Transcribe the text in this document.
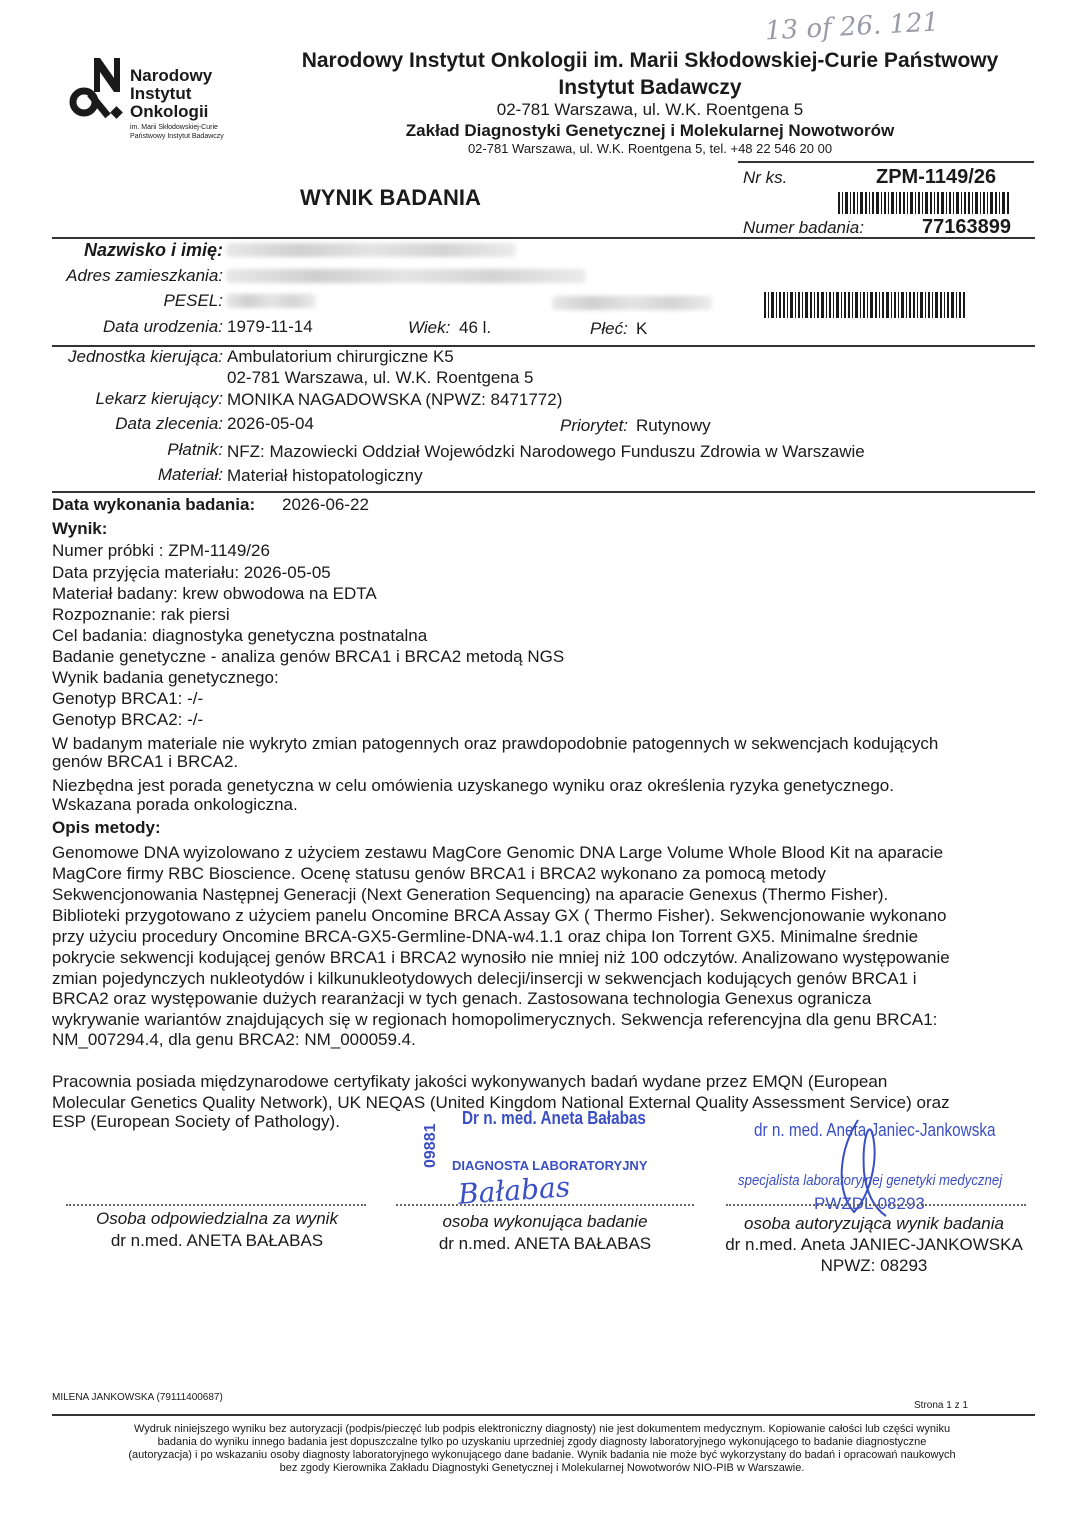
13 of 26. 121
Narodowy
Instytut
Onkologii
im. Marii Skłodowskiej-Curie
Państwowy Instytut Badawczy
Narodowy Instytut Onkologii im. Marii Skłodowskiej-Curie Państwowy
Instytut Badawczy
02-781 Warszawa, ul. W.K. Roentgena 5
Zakład Diagnostyki Genetycznej i Molekularnej Nowotworów
02-781 Warszawa, ul. W.K. Roentgena 5, tel. +48 22 546 20 00
WYNIK BADANIA
Nr ks.	ZPM-1149/26
Numer badania:	77163899
Nazwisko i imię:
Adres zamieszkania:
PESEL:
Data urodzenia: 1979-11-14	Wiek: 46 l.	Płeć: K
Jednostka kierująca: Ambulatorium chirurgiczne K5
02-781 Warszawa, ul. W.K. Roentgena 5
Lekarz kierujący: MONIKA NAGADOWSKA (NPWZ: 8471772)
Data zlecenia: 2026-05-04	Priorytet: Rutynowy
Płatnik: NFZ: Mazowiecki Oddział Wojewódzki Narodowego Funduszu Zdrowia w Warszawie
Materiał: Materiał histopatologiczny
Data wykonania badania: 2026-06-22
Wynik:
Numer próbki : ZPM-1149/26
Data przyjęcia materiału: 2026-05-05
Materiał badany: krew obwodowa na EDTA
Rozpoznanie: rak piersi
Cel badania: diagnostyka genetyczna postnatalna
Badanie genetyczne - analiza genów BRCA1 i BRCA2 metodą NGS
Wynik badania genetycznego:
Genotyp BRCA1: -/-
Genotyp BRCA2: -/-
W badanym materiale nie wykryto zmian patogennych oraz prawdopodobnie patogennych w sekwencjach kodujących
genów BRCA1 i BRCA2.
Niezbędna jest porada genetyczna w celu omówienia uzyskanego wyniku oraz określenia ryzyka genetycznego.
Wskazana porada onkologiczna.
Opis metody:
Genomowe DNA wyizolowano z użyciem zestawu MagCore Genomic DNA Large Volume Whole Blood Kit na aparacie
MagCore firmy RBC Bioscience. Ocenę statusu genów BRCA1 i BRCA2 wykonano za pomocą metody
Sekwencjonowania Następnej Generacji (Next Generation Sequencing) na aparacie Genexus (Thermo Fisher).
Biblioteki przygotowano z użyciem panelu Oncomine BRCA Assay GX ( Thermo Fisher). Sekwencjonowanie wykonano
przy użyciu procedury Oncomine BRCA-GX5-Germline-DNA-w4.1.1 oraz chipa Ion Torrent GX5. Minimalne średnie
pokrycie sekwencji kodującej genów BRCA1 i BRCA2 wynosiło nie mniej niż 100 odczytów. Analizowano występowanie
zmian pojedynczych nukleotydów i kilkunukleotydowych delecji/insercji w sekwencjach kodujących genów BRCA1 i
BRCA2 oraz występowanie dużych rearanżacji w tych genach. Zastosowana technologia Genexus ogranicza
wykrywanie wariantów znajdujących się w regionach homopolimerycznych. Sekwencja referencyjna dla genu BRCA1:
NM_007294.4, dla genu BRCA2: NM_000059.4.
Pracownia posiada międzynarodowe certyfikaty jakości wykonywanych badań wydane przez EMQN (European
Molecular Genetics Quality Network), UK NEQAS (United Kingdom National External Quality Assessment Service) oraz
ESP (European Society of Pathology).
09881
Dr n. med. Aneta Bałabas
DIAGNOSTA LABORATORYJNY
Bałabas
dr n. med. Aneta Janiec-Jankowska
specjalista laboratoryjnej genetyki medycznej
PWZDL 08293
Osoba odpowiedzialna za wynik
dr n.med. ANETA BAŁABAS
osoba wykonująca badanie
dr n.med. ANETA BAŁABAS
osoba autoryzująca wynik badania
dr n.med. Aneta JANIEC-JANKOWSKA
NPWZ: 08293
MILENA JANKOWSKA (79111400687)
Strona 1 z 1
Wydruk niniejszego wyniku bez autoryzacji (podpis/pieczęć lub podpis elektroniczny diagnosty) nie jest dokumentem medycznym. Kopiowanie całości lub części wyniku
badania do wyniku innego badania jest dopuszczalne tylko po uzyskaniu uprzedniej zgody diagnosty laboratoryjnego wykonującego to badanie diagnostyczne
(autoryzacja) i po wskazaniu osoby diagnosty laboratoryjnego wykonującego dane badanie. Wynik badania nie może być wykorzystany do badań i opracowań naukowych
bez zgody Kierownika Zakładu Diagnostyki Genetycznej i Molekularnej Nowotworów NIO-PIB w Warszawie.
